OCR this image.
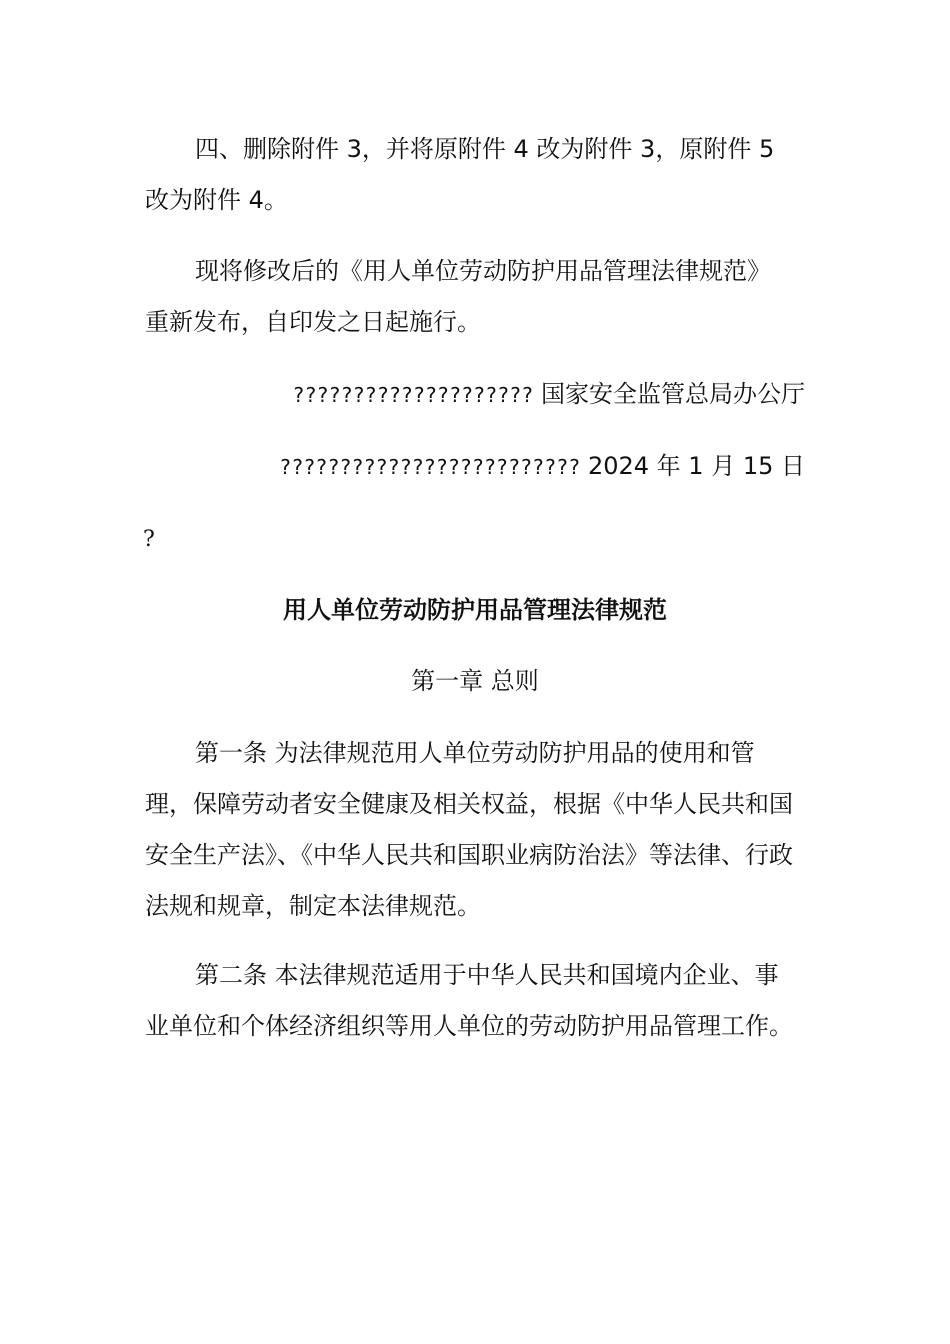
四、删除附件 3，并将原附件 4 改为附件 3，原附件 5 改为附件 4。

现将修改后的《用人单位劳动防护用品管理法律规范》重新发布，自印发之日起施行。

???????????????????? 国家安全监管总局办公厅
????????????????????????? 2024 年 1 月 15 日
?
用人单位劳动防护用品管理法律规范
第一章 总则

第一条 为法律规范用人单位劳动防护用品的使用和管理，保障劳动者安全健康及相关权益，根据《中华人民共和国安全生产法》、《中华人民共和国职业病防治法》等法律、行政法规和规章，制定本法律规范。

第二条 本法律规范适用于中华人民共和国境内企业、事业单位和个体经济组织等用人单位的劳动防护用品管理工作。
